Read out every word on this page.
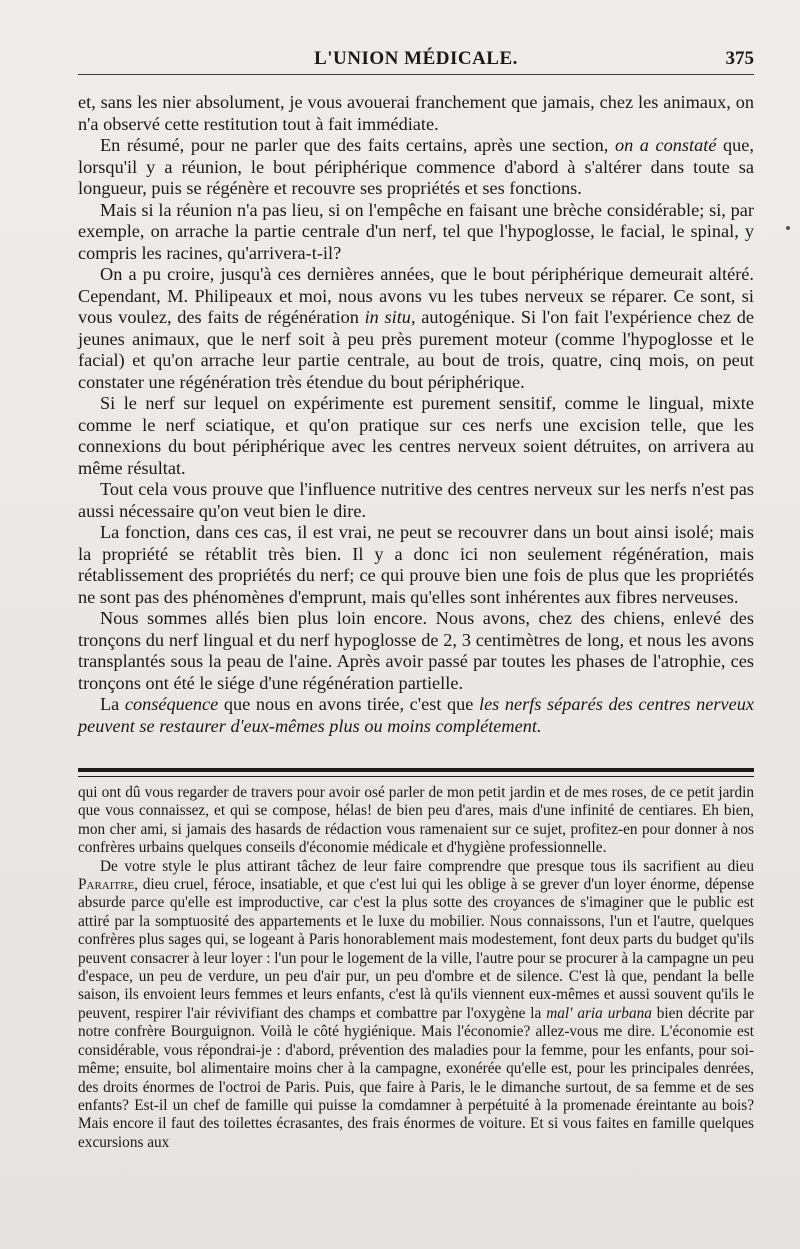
L'UNION MÉDICALE.	375

et, sans les nier absolument, je vous avouerai franchement que jamais, chez les animaux, on n'a observé cette restitution tout à fait immédiate.

En résumé, pour ne parler que des faits certains, après une section, on a constaté que, lorsqu'il y a réunion, le bout périphérique commence d'abord à s'altérer dans toute sa longueur, puis se régénère et recouvre ses propriétés et ses fonctions.

Mais si la réunion n'a pas lieu, si on l'empêche en faisant une brèche considérable; si, par exemple, on arrache la partie centrale d'un nerf, tel que l'hypoglosse, le facial, le spinal, y compris les racines, qu'arrivera-t-il?

On a pu croire, jusqu'à ces dernières années, que le bout périphérique demeurait altéré. Cependant, M. Philipeaux et moi, nous avons vu les tubes nerveux se réparer. Ce sont, si vous voulez, des faits de régénération in situ, autogénique. Si l'on fait l'expérience chez de jeunes animaux, que le nerf soit à peu près purement moteur (comme l'hypoglosse et le facial) et qu'on arrache leur partie centrale, au bout de trois, quatre, cinq mois, on peut constater une régénération très étendue du bout périphérique.

Si le nerf sur lequel on expérimente est purement sensitif, comme le lingual, mixte comme le nerf sciatique, et qu'on pratique sur ces nerfs une excision telle, que les connexions du bout périphérique avec les centres nerveux soient détruites, on arrivera au même résultat.

Tout cela vous prouve que l'influence nutritive des centres nerveux sur les nerfs n'est pas aussi nécessaire qu'on veut bien le dire.

La fonction, dans ces cas, il est vrai, ne peut se recouvrer dans un bout ainsi isolé; mais la propriété se rétablit très bien. Il y a donc ici non seulement régénération, mais rétablissement des propriétés du nerf; ce qui prouve bien une fois de plus que les propriétés ne sont pas des phénomènes d'emprunt, mais qu'elles sont inhérentes aux fibres nerveuses.

Nous sommes allés bien plus loin encore. Nous avons, chez des chiens, enlevé des tronçons du nerf lingual et du nerf hypoglosse de 2, 3 centimètres de long, et nous les avons transplantés sous la peau de l'aine. Après avoir passé par toutes les phases de l'atrophie, ces tronçons ont été le siége d'une régénération partielle.

La conséquence que nous en avons tirée, c'est que les nerfs séparés des centres nerveux peuvent se restaurer d'eux-mêmes plus ou moins complétement.

qui ont dû vous regarder de travers pour avoir osé parler de mon petit jardin et de mes roses, de ce petit jardin que vous connaissez, et qui se compose, hélas! de bien peu d'ares, mais d'une infinité de centiares. Eh bien, mon cher ami, si jamais des hasards de rédaction vous ramenaient sur ce sujet, profitez-en pour donner à nos confrères urbains quelques conseils d'économie médicale et d'hygiène professionnelle.

De votre style le plus attirant tâchez de leur faire comprendre que presque tous ils sacrifient au dieu Paraitre, dieu cruel, féroce, insatiable, et que c'est lui qui les oblige à se grever d'un loyer énorme, dépense absurde parce qu'elle est improductive, car c'est la plus sotte des croyances de s'imaginer que le public est attiré par la somptuosité des appartements et le luxe du mobilier. Nous connaissons, l'un et l'autre, quelques confrères plus sages qui, se logeant à Paris honorablement mais modestement, font deux parts du budget qu'ils peuvent consacrer à leur loyer : l'un pour le logement de la ville, l'autre pour se procurer à la campagne un peu d'espace, un peu de verdure, un peu d'air pur, un peu d'ombre et de silence. C'est là que, pendant la belle saison, ils envoient leurs femmes et leurs enfants, c'est là qu'ils viennent eux-mêmes et aussi souvent qu'ils le peuvent, respirer l'air révivifiant des champs et combattre par l'oxygène la mal' aria urbana bien décrite par notre confrère Bourguignon. Voilà le côté hygiénique. Mais l'économie? allez-vous me dire. L'économie est considérable, vous répondrai-je : d'abord, prévention des maladies pour la femme, pour les enfants, pour soi-même; ensuite, bol alimentaire moins cher à la campagne, exonérée qu'elle est, pour les principales denrées, des droits énormes de l'octroi de Paris. Puis, que faire à Paris, le le dimanche surtout, de sa femme et de ses enfants? Est-il un chef de famille qui puisse la comdamner à perpétuité à la promenade éreintante au bois? Mais encore il faut des toilettes écrasantes, des frais énormes de voiture. Et si vous faites en famille quelques excursions aux
